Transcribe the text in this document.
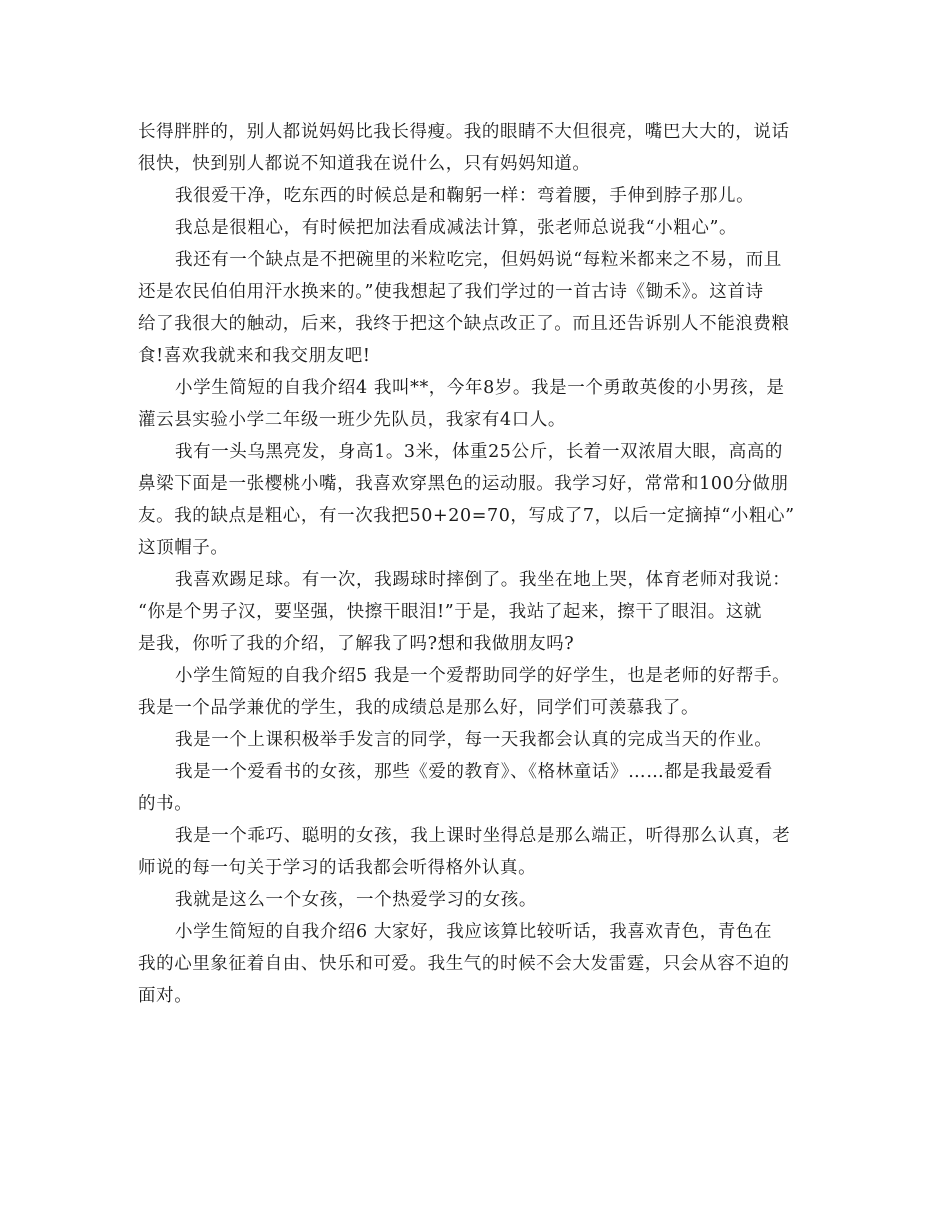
长得胖胖的，别人都说妈妈比我长得瘦。我的眼睛不大但很亮，嘴巴大大的，说话
很快，快到别人都说不知道我在说什么，只有妈妈知道。
我很爱干净，吃东西的时候总是和鞠躬一样：弯着腰，手伸到脖子那儿。
我总是很粗心，有时候把加法看成减法计算，张老师总说我“小粗心”。
我还有一个缺点是不把碗里的米粒吃完，但妈妈说“每粒米都来之不易，而且
还是农民伯伯用汗水换来的。”使我想起了我们学过的一首古诗《锄禾》。这首诗
给了我很大的触动，后来，我终于把这个缺点改正了。而且还告诉别人不能浪费粮
食!喜欢我就来和我交朋友吧!
小学生简短的自我介绍4 我叫**，今年8岁。我是一个勇敢英俊的小男孩，是
灌云县实验小学二年级一班少先队员，我家有4口人。
我有一头乌黑亮发，身高1。3米，体重25公斤，长着一双浓眉大眼，高高的
鼻梁下面是一张樱桃小嘴，我喜欢穿黑色的运动服。我学习好，常常和100分做朋
友。我的缺点是粗心，有一次我把50+20=70，写成了7，以后一定摘掉“小粗心”
这顶帽子。
我喜欢踢足球。有一次，我踢球时摔倒了。我坐在地上哭，体育老师对我说：
“你是个男子汉，要坚强，快擦干眼泪!”于是，我站了起来，擦干了眼泪。这就
是我，你听了我的介绍，了解我了吗?想和我做朋友吗?
小学生简短的自我介绍5 我是一个爱帮助同学的好学生，也是老师的好帮手。
我是一个品学兼优的学生，我的成绩总是那么好，同学们可羡慕我了。
我是一个上课积极举手发言的同学，每一天我都会认真的完成当天的作业。
我是一个爱看书的女孩，那些《爱的教育》、《格林童话》……都是我最爱看
的书。
我是一个乖巧、聪明的女孩，我上课时坐得总是那么端正，听得那么认真，老
师说的每一句关于学习的话我都会听得格外认真。
我就是这么一个女孩，一个热爱学习的女孩。
小学生简短的自我介绍6 大家好，我应该算比较听话，我喜欢青色，青色在
我的心里象征着自由、快乐和可爱。我生气的时候不会大发雷霆，只会从容不迫的
面对。
